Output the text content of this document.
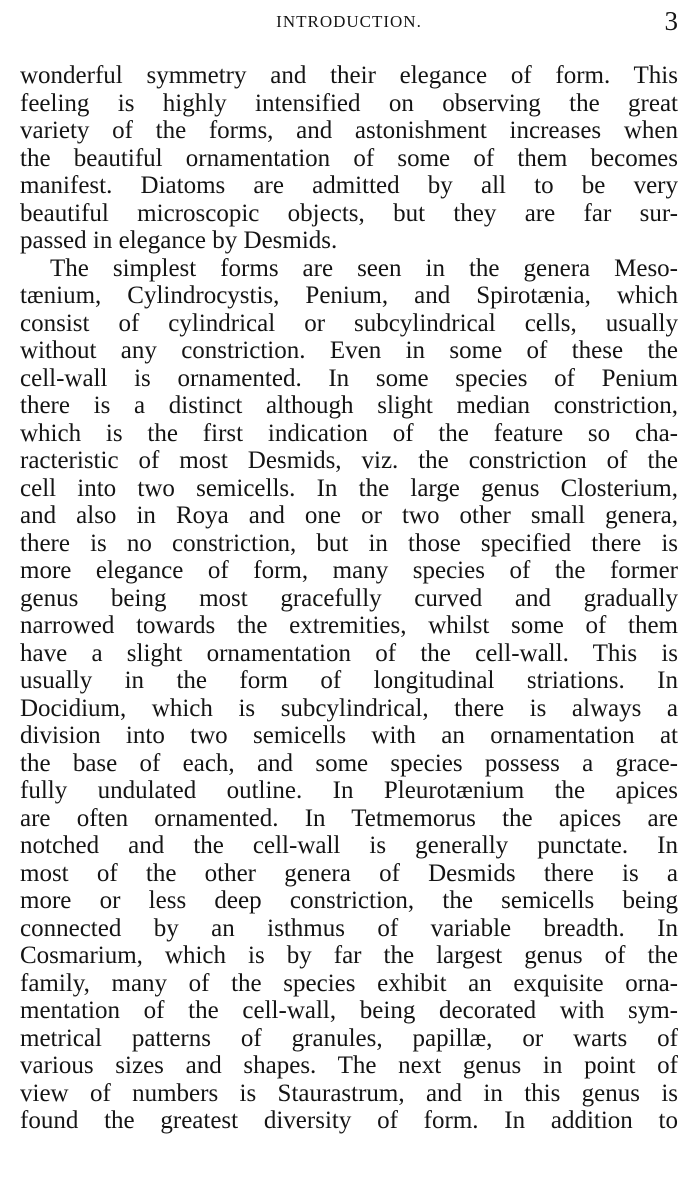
INTRODUCTION.	3
wonderful symmetry and their elegance of form. This
feeling is highly intensified on observing the great
variety of the forms, and astonishment increases when
the beautiful ornamentation of some of them becomes
manifest. Diatoms are admitted by all to be very
beautiful microscopic objects, but they are far sur-
passed in elegance by Desmids.
The simplest forms are seen in the genera Meso-
tænium, Cylindrocystis, Penium, and Spirotænia, which
consist of cylindrical or subcylindrical cells, usually
without any constriction. Even in some of these the
cell-wall is ornamented. In some species of Penium
there is a distinct although slight median constriction,
which is the first indication of the feature so cha-
racteristic of most Desmids, viz. the constriction of the
cell into two semicells. In the large genus Closterium,
and also in Roya and one or two other small genera,
there is no constriction, but in those specified there is
more elegance of form, many species of the former
genus being most gracefully curved and gradually
narrowed towards the extremities, whilst some of them
have a slight ornamentation of the cell-wall. This is
usually in the form of longitudinal striations. In
Docidium, which is subcylindrical, there is always a
division into two semicells with an ornamentation at
the base of each, and some species possess a grace-
fully undulated outline. In Pleurotænium the apices
are often ornamented. In Tetmemorus the apices are
notched and the cell-wall is generally punctate. In
most of the other genera of Desmids there is a
more or less deep constriction, the semicells being
connected by an isthmus of variable breadth. In
Cosmarium, which is by far the largest genus of the
family, many of the species exhibit an exquisite orna-
mentation of the cell-wall, being decorated with sym-
metrical patterns of granules, papillæ, or warts of
various sizes and shapes. The next genus in point of
view of numbers is Staurastrum, and in this genus is
found the greatest diversity of form. In addition to
